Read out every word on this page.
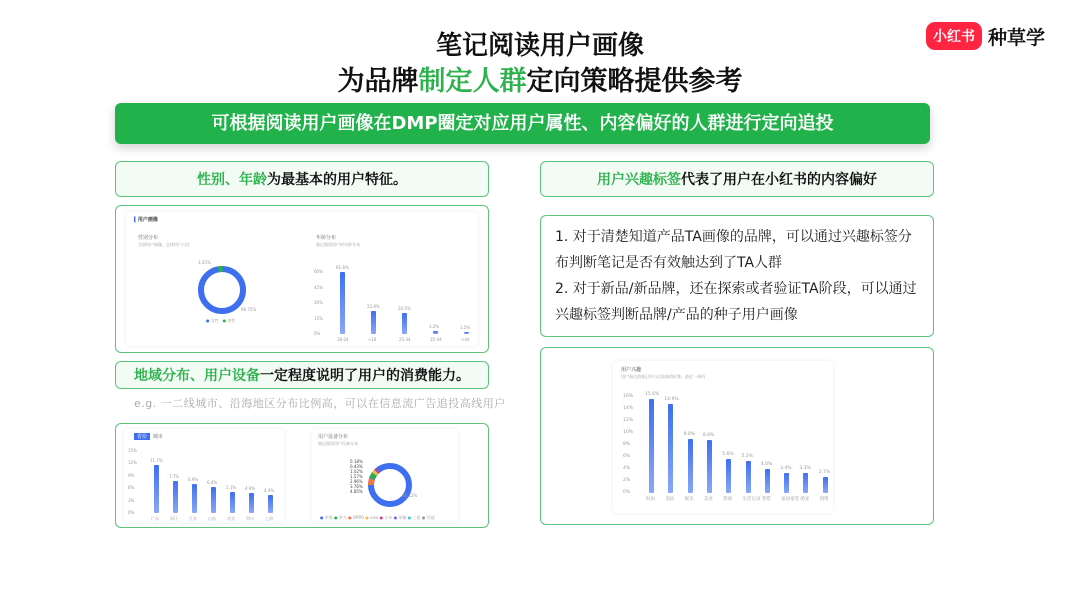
笔记阅读用户画像
为品牌制定人群定向策略提供参考
小红书 种草学
可根据阅读用户画像在DMP圈定对应用户属性、内容偏好的人群进行定向追投
性别、年龄 为最基本的用户特征。
▍用户画像
性别分布
全部用户画像，总体用户占比
3.25%
96.75%
● 女性 ● 男性
年龄分布
笔记阅读用户的年龄分布
60%
45%
30%
15%
0%
61.6%
18-24
22.8%
<18
20.5%
25-34
3.2%
35-44
1.5%
>44
地域分布、用户设备 一定程度说明了用户的消费能力。
e.g. 一二线城市、沿海地区分布比例高，可以在信息流广告追投高线用户
省份	城市
15%
12%
9%
6%
3%
0%
11.7%
广东
7.7%
浙江
6.9%
江苏
6.4%
山东
5.1%
北京
4.9%
四川
4.4%
上海
用户设备分布
笔记阅读用户设备分布
88.12%
● 苹果 ● 华为 ● OPPO ● vivo ● 小米 ● 荣耀 ● 三星 ● 其他
0.18%
0.43%
1.02%
1.57%
2.96%
3.76%
4.85%
用户兴趣标签 代表了用户在小红书的内容偏好

1. 对于清楚知道产品TA画像的品牌，可以通过兴趣标签分布判断笔记是否有效触达到了TA人群

2. 对于新品/新品牌，还在探索或者验证TA阶段，可以通过兴趣标签判断品牌/产品的种子用户画像

用户兴趣
用户看过的笔记中占比较高的标签，最近一周内
16%
14%
12%
10%
8%
6%
4%
2%
0%
15.6%
时尚
14.9%
美妆
9.0%
娱乐
8.8%
美食
5.6%
影视
5.3%
生活记录
4.0%
穿搭
3.4%
家居家装
3.3%
萌宠
2.7%
情绪
